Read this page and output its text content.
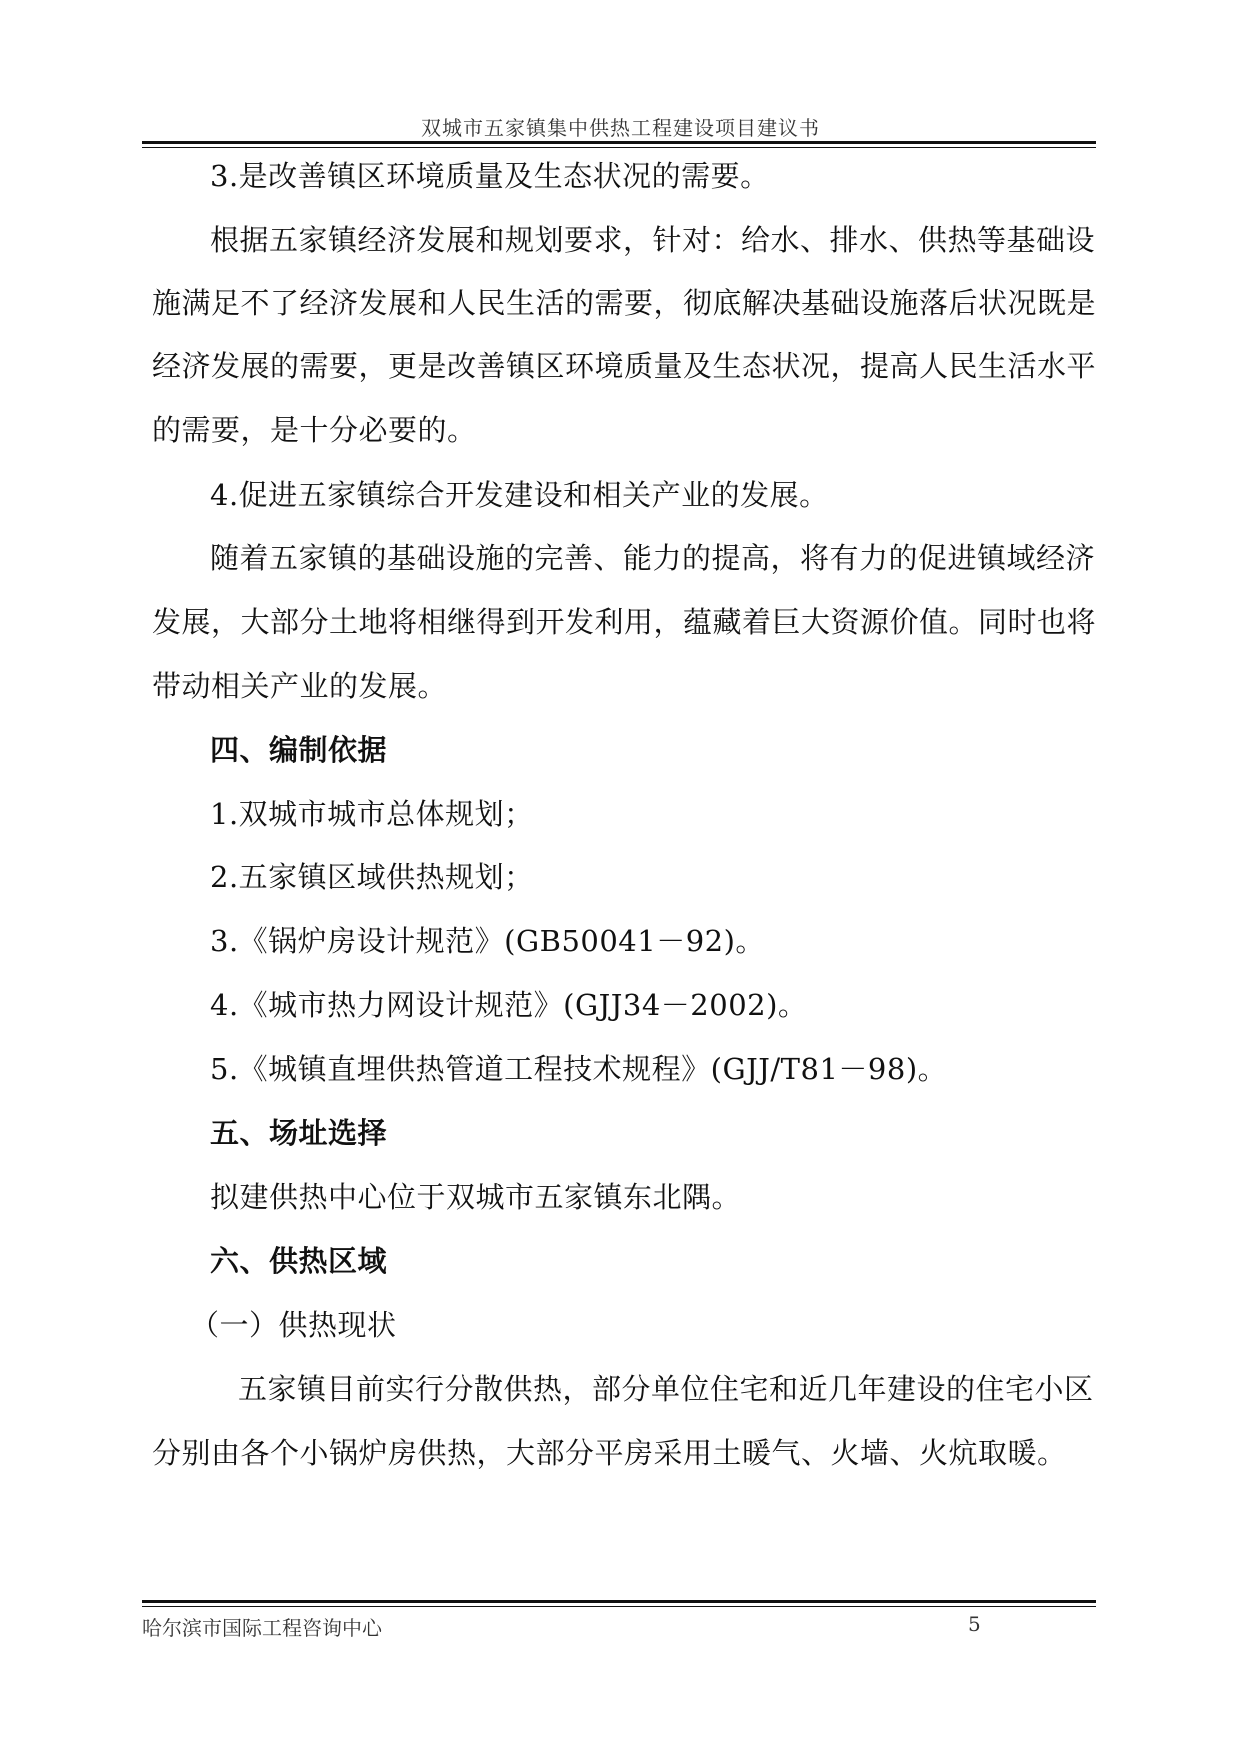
双城市五家镇集中供热工程建设项目建议书
3.是改善镇区环境质量及生态状况的需要。
根据五家镇经济发展和规划要求，针对：给水、排水、供热等基础设
施满足不了经济发展和人民生活的需要，彻底解决基础设施落后状况既是
经济发展的需要，更是改善镇区环境质量及生态状况，提高人民生活水平
的需要，是十分必要的。
4.促进五家镇综合开发建设和相关产业的发展。
随着五家镇的基础设施的完善、能力的提高，将有力的促进镇域经济
发展，大部分土地将相继得到开发利用，蕴藏着巨大资源价值。同时也将
带动相关产业的发展。
四、编制依据
1.双城市城市总体规划；
2.五家镇区域供热规划；
3.《锅炉房设计规范》(GB50041－92)。
4.《城市热力网设计规范》(GJJ34－2002)。
5.《城镇直埋供热管道工程技术规程》(GJJ/T81－98)。
五、场址选择
拟建供热中心位于双城市五家镇东北隅。
六、供热区域
（一）供热现状
五家镇目前实行分散供热，部分单位住宅和近几年建设的住宅小区
分别由各个小锅炉房供热，大部分平房采用土暖气、火墙、火炕取暖。
哈尔滨市国际工程咨询中心	5
